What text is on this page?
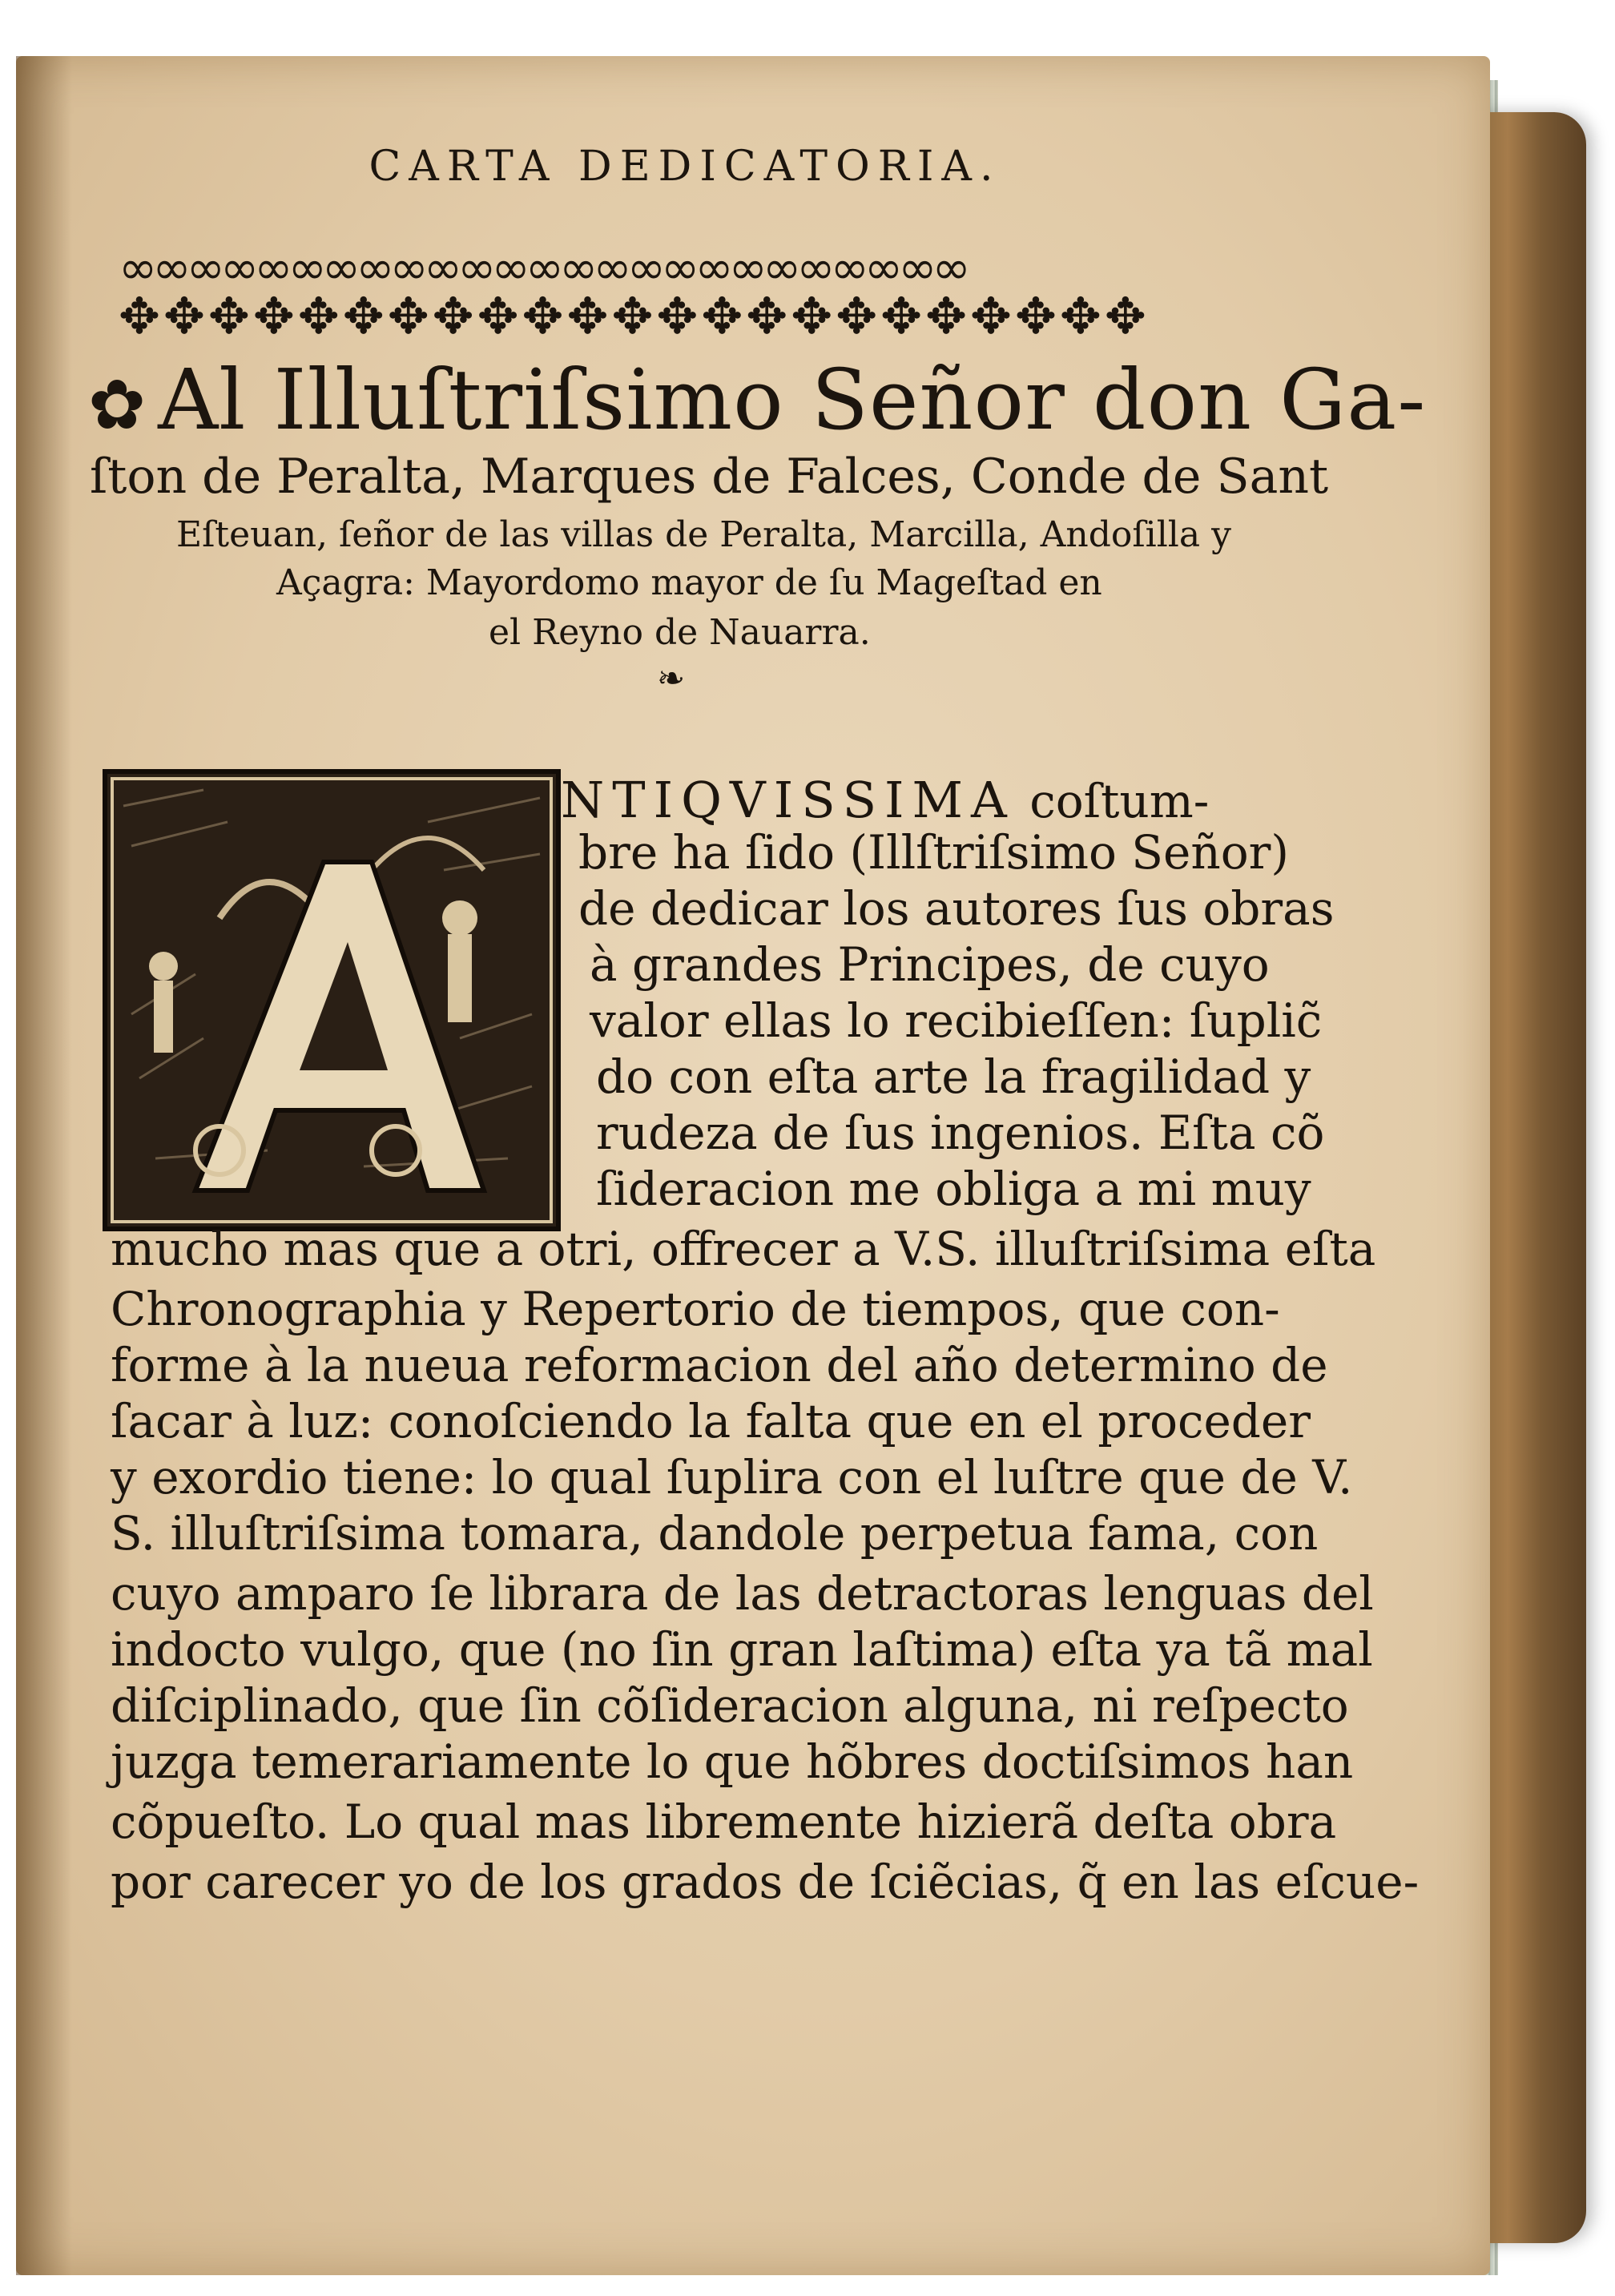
CARTA DEDICATORIA.
∞∞∞∞∞∞∞∞∞∞∞∞∞∞∞∞∞∞∞∞∞∞∞∞∞
✥✥✥✥✥✥✥✥✥✥✥✥✥✥✥✥✥✥✥✥✥✥✥
✿ Al Illuſtriſsimo Señor don Ga-
ſton de Peralta, Marques de Falces, Conde de Sant
Eſteuan, ſeñor de las villas de Peralta, Marcilla, Andoſilla y
Açagra: Mayordomo mayor de ſu Mageſtad en
el Reyno de Nauarra.
❧
NTIQVISSIMA coſtum-
bre ha ſido (Illſtriſsimo Señor)
de dedicar los autores ſus obras
à grandes Principes, de cuyo
valor ellas lo recibieſſen: ſuplic̃
do con eſta arte la fragilidad y
rudeza de ſus ingenios. Eſta cõ
ſideracion me obliga a mi muy
mucho mas que a otri, offrecer a V.S. illuſtriſsima eſta
Chronographia y Repertorio de tiempos, que con-
forme à la nueua reformacion del año determino de
ſacar à luz: conoſciendo la falta que en el proceder
y exordio tiene: lo qual ſuplira con el luſtre que de V.
S. illuſtriſsima tomara, dandole perpetua fama, con
cuyo amparo ſe librara de las detractoras lenguas del
indocto vulgo, que (no ſin gran laſtima) eſta ya tã mal
diſciplinado, que ſin cõſideracion alguna, ni reſpecto
juzga temerariamente lo que hõbres doctiſsimos han
cõpueſto. Lo qual mas libremente hizierã deſta obra
por carecer yo de los grados de ſciẽcias, q̃ en las eſcue-
